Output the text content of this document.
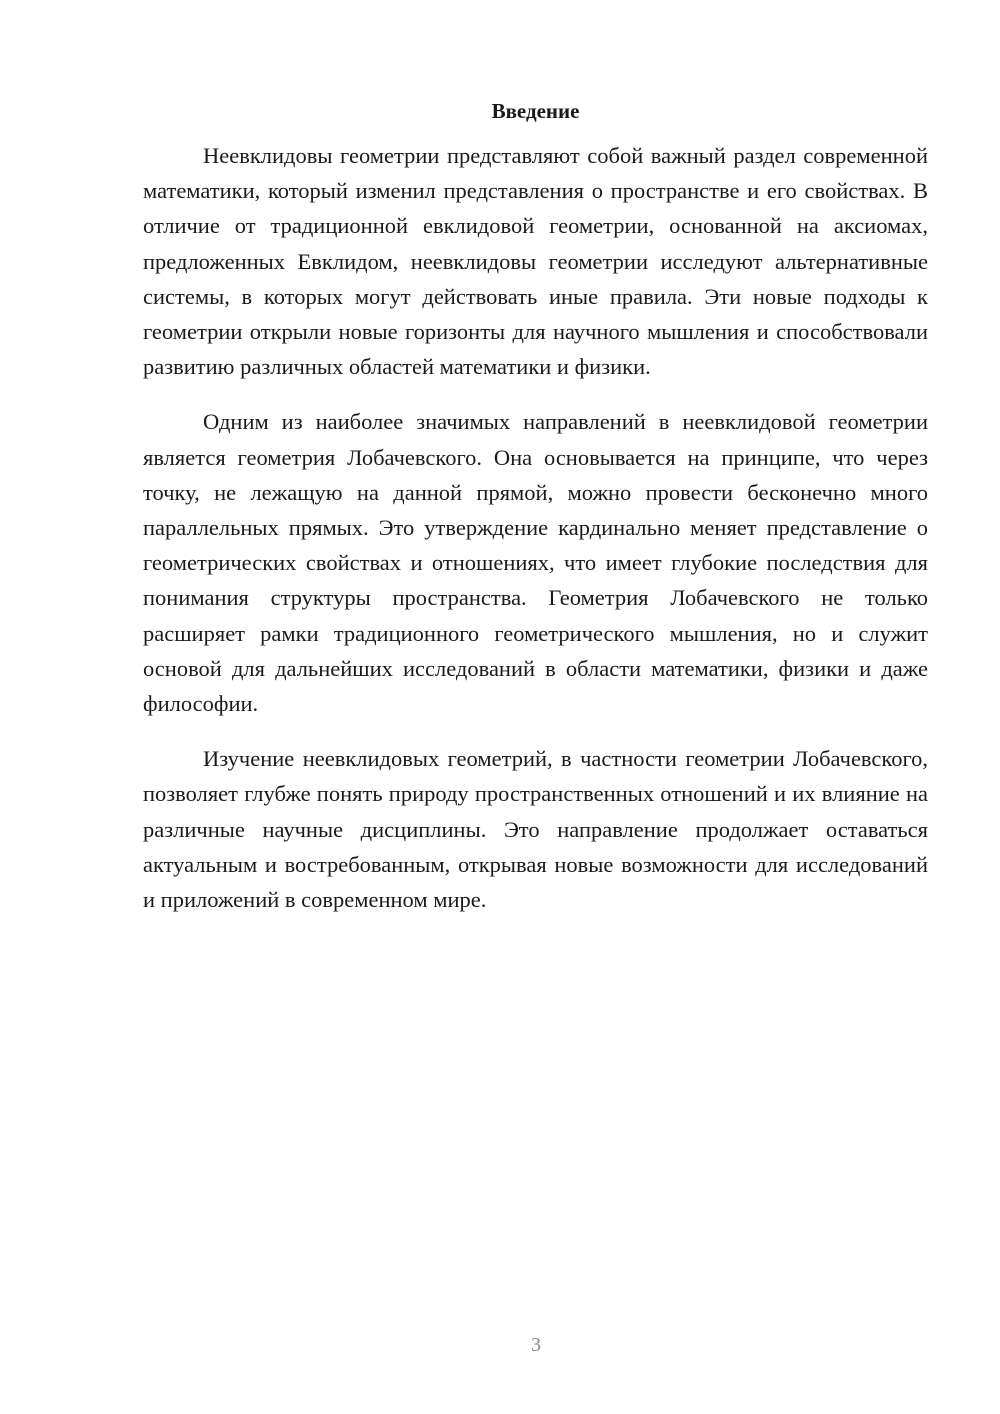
Введение

Неевклидовы геометрии представляют собой важный раздел современной математики, который изменил представления о пространстве и его свойствах. В отличие от традиционной евклидовой геометрии, основанной на аксиомах, предложенных Евклидом, неевклидовы геометрии исследуют альтернативные системы, в которых могут действовать иные правила. Эти новые подходы к геометрии открыли новые горизонты для научного мышления и способствовали развитию различных областей математики и физики.

Одним из наиболее значимых направлений в неевклидовой геометрии является геометрия Лобачевского. Она основывается на принципе, что через точку, не лежащую на данной прямой, можно провести бесконечно много параллельных прямых. Это утверждение кардинально меняет представление о геометрических свойствах и отношениях, что имеет глубокие последствия для понимания структуры пространства. Геометрия Лобачевского не только расширяет рамки традиционного геометрического мышления, но и служит основой для дальнейших исследований в области математики, физики и даже философии.

Изучение неевклидовых геометрий, в частности геометрии Лобачевского, позволяет глубже понять природу пространственных отношений и их влияние на различные научные дисциплины. Это направление продолжает оставаться актуальным и востребованным, открывая новые возможности для исследований и приложений в современном мире.

3
